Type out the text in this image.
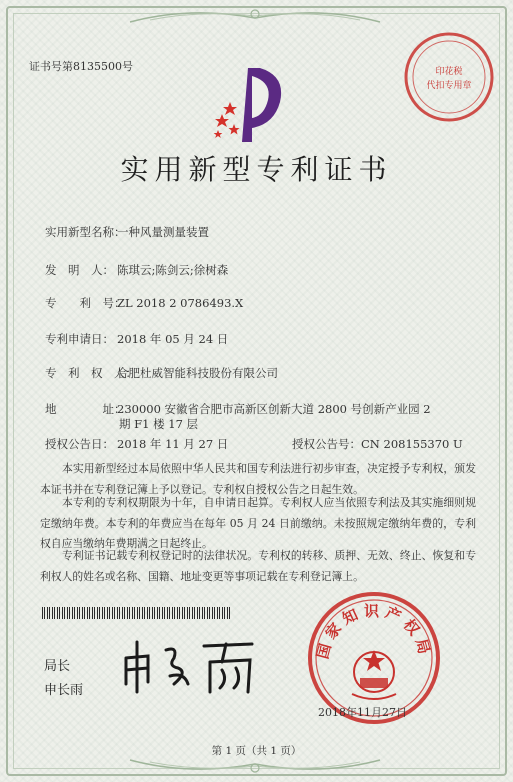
证书号第8135500号	印花税
代扣专用章
实用新型专利证书
实用新型名称：一种风量测量装置
发　明　人： 陈琪云;陈剑云;徐树森
专　　利　号：ZL 2018 2 0786493.X
专利申请日： 2018 年 05 月 24 日
专　利　权　人：合肥杜威智能科技股份有限公司
地　　　　址：230000 安徽省合肥市高新区创新大道 2800 号创新产业园 2
期 F1 楼 17 层
授权公告日： 2018 年 11 月 27 日	授权公告号：CN 208155370 U
本实用新型经过本局依照中华人民共和国专利法进行初步审查，决定授予专利权，颁发本证书并在专利登记簿上予以登记。专利权自授权公告之日起生效。
本专利的专利权期限为十年，自申请日起算。专利权人应当依照专利法及其实施细则规定缴纳年费。本专利的年费应当在每年 05 月 24 日前缴纳。未按照规定缴纳年费的，专利权自应当缴纳年费期满之日起终止。
专利证书记载专利权登记时的法律状况。专利权的转移、质押、无效、终止、恢复和专利权人的姓名或名称、国籍、地址变更等事项记载在专利登记簿上。
局长
申长雨
国家知识产权局
2018年11月27日
第 1 页（共 1 页）
